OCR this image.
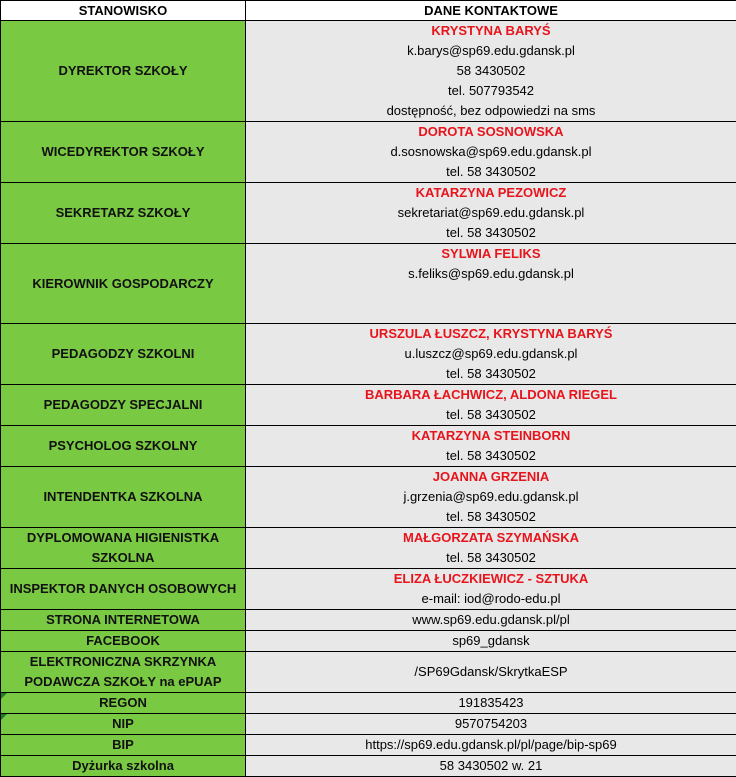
STANOWISKO	DANE KONTAKTOWE
DYREKTOR SZKOŁY	KRYSTYNA BARYŚ
k.barys@sp69.edu.gdansk.pl
58 3430502
tel. 507793542
dostępność, bez odpowiedzi na sms

WICEDYREKTOR SZKOŁY	DOROTA SOSNOWSKA
d.sosnowska@sp69.edu.gdansk.pl
tel. 58 3430502

SEKRETARZ SZKOŁY	KATARZYNA PEZOWICZ
sekretariat@sp69.edu.gdansk.pl
tel. 58 3430502

KIEROWNIK GOSPODARCZY	SYLWIA FELIKS
s.feliks@sp69.edu.gdansk.pl

PEDAGODZY SZKOLNI	URSZULA ŁUSZCZ, KRYSTYNA BARYŚ
u.luszcz@sp69.edu.gdansk.pl
tel. 58 3430502

PEDAGODZY SPECJALNI	BARBARA ŁACHWICZ, ALDONA RIEGEL
tel. 58 3430502

PSYCHOLOG SZKOLNY	KATARZYNA STEINBORN
tel. 58 3430502

INTENDENTKA SZKOLNA	JOANNA GRZENIA
j.grzenia@sp69.edu.gdansk.pl
tel. 58 3430502

DYPLOMOWANA HIGIENISTKA SZKOLNA	MAŁGORZATA SZYMAŃSKA
tel. 58 3430502

INSPEKTOR DANYCH OSOBOWYCH	ELIZA ŁUCZKIEWICZ - SZTUKA
e-mail: iod@rodo-edu.pl

STRONA INTERNETOWA	www.sp69.edu.gdansk.pl/pl
FACEBOOK	sp69_gdansk
ELEKTRONICZNA SKRZYNKA PODAWCZA SZKOŁY na ePUAP	/SP69Gdansk/SkrytkaESP
REGON	191835423
NIP	9570754203
BIP	https://sp69.edu.gdansk.pl/pl/page/bip-sp69
Dyżurka szkolna	58 3430502 w. 21
